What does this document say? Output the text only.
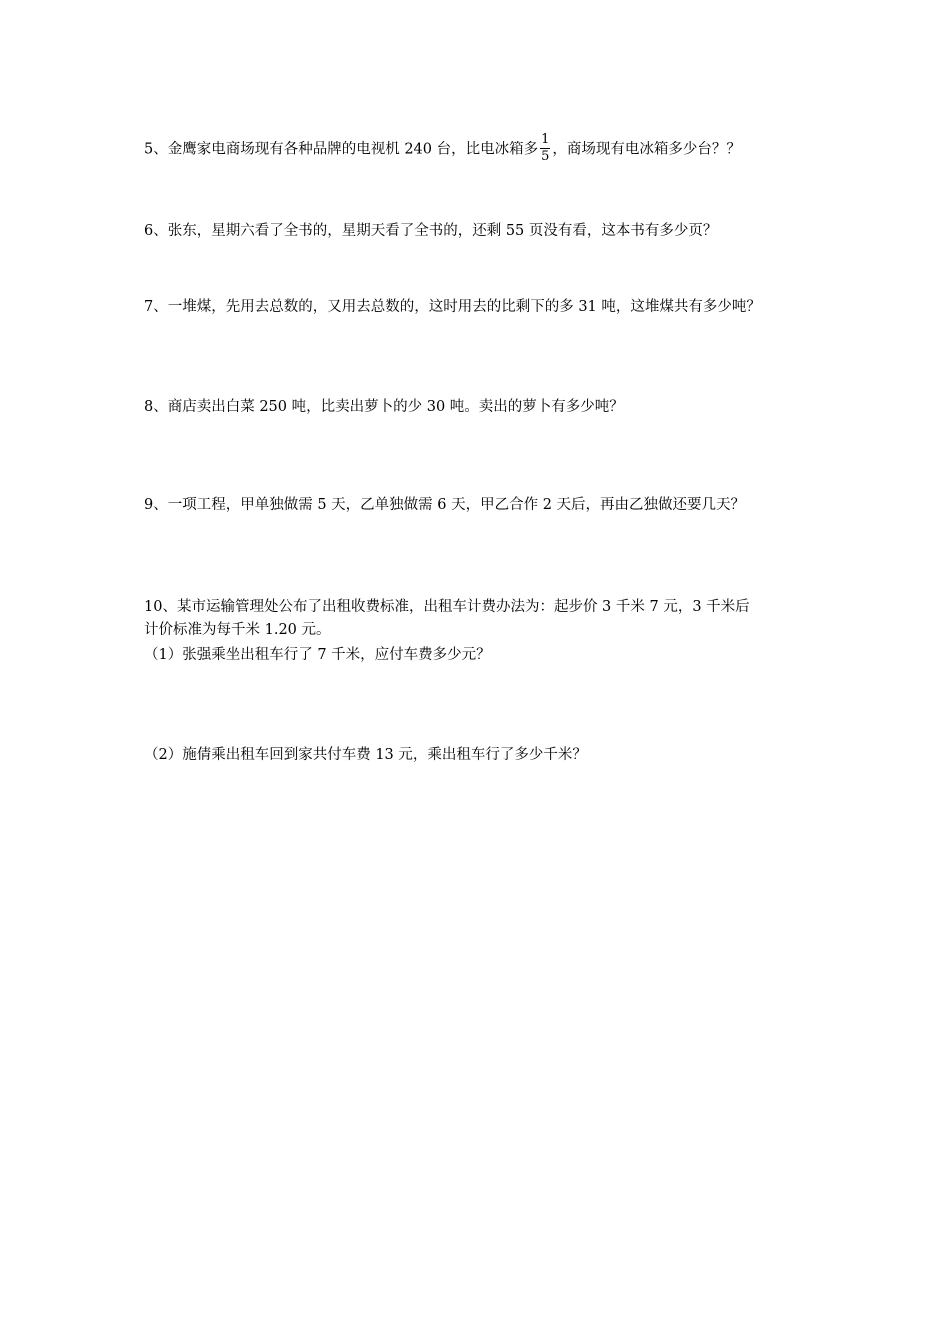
5、金鹰家电商场现有各种品牌的电视机 240 台，比电冰箱多 $\frac{1}{5}$ ，商场现有电冰箱多少台？？
6、张东，星期六看了全书的，星期天看了全书的，还剩 55 页没有看，这本书有多少页？
7、一堆煤，先用去总数的，又用去总数的，这时用去的比剩下的多 31 吨，这堆煤共有多少吨？
8、商店卖出白菜 250 吨，比卖出萝卜的少 30 吨。卖出的萝卜有多少吨？
9、一项工程，甲单独做需 5 天，乙单独做需 6 天，甲乙合作 2 天后，再由乙独做还要几天？
10、某市运输管理处公布了出租收费标准，出租车计费办法为：起步价 3 千米 7 元，3 千米后
计价标准为每千米 1.20 元。
（1）张强乘坐出租车行了 7 千米，应付车费多少元？
（2）施倩乘出租车回到家共付车费 13 元，乘出租车行了多少千米？
